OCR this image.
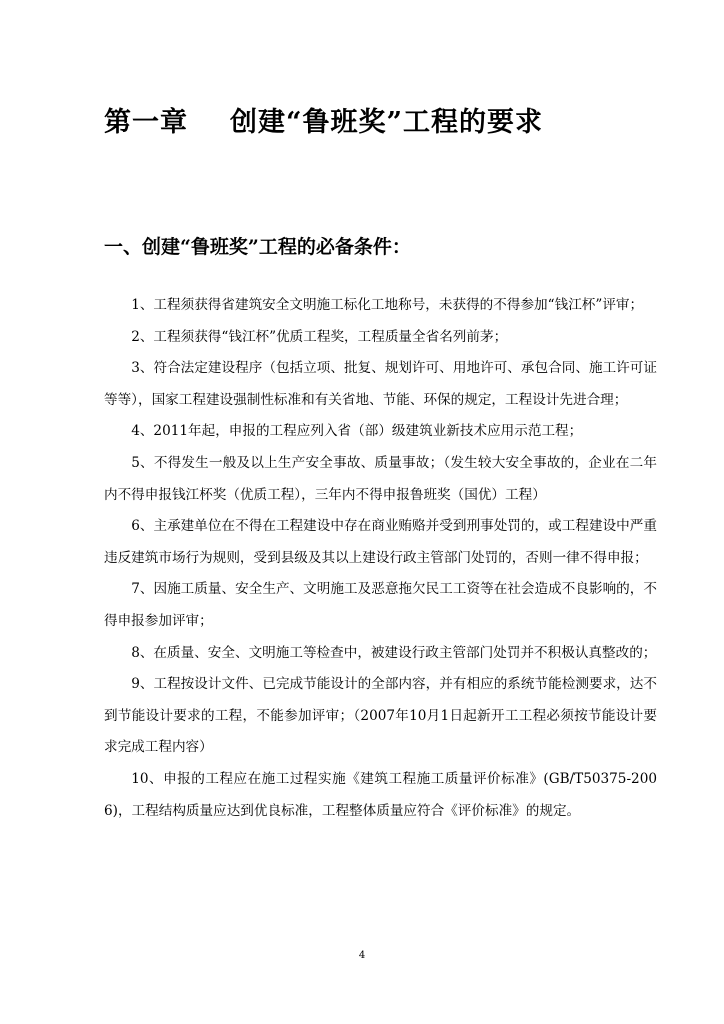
第一章 创建“鲁班奖”工程的要求
一、创建“鲁班奖”工程的必备条件：

1、工程须获得省建筑安全文明施工标化工地称号，未获得的不得参加“钱江杯”评审；

2、工程须获得“钱江杯”优质工程奖，工程质量全省名列前茅；

3、符合法定建设程序（包括立项、批复、规划许可、用地许可、承包合同、施工许可证等等），国家工程建设强制性标准和有关省地、节能、环保的规定，工程设计先进合理；

4、2011年起，申报的工程应列入省（部）级建筑业新技术应用示范工程；

5、不得发生一般及以上生产安全事故、质量事故；（发生较大安全事故的，企业在二年内不得申报钱江杯奖（优质工程），三年内不得申报鲁班奖（国优）工程）

6、主承建单位在不得在工程建设中存在商业贿赂并受到刑事处罚的，或工程建设中严重违反建筑市场行为规则，受到县级及其以上建设行政主管部门处罚的，否则一律不得申报；

7、因施工质量、安全生产、文明施工及恶意拖欠民工工资等在社会造成不良影响的，不得申报参加评审；

8、在质量、安全、文明施工等检查中，被建设行政主管部门处罚并不积极认真整改的；

9、工程按设计文件、已完成节能设计的全部内容，并有相应的系统节能检测要求，达不到节能设计要求的工程，不能参加评审；（2007年10月1日起新开工工程必须按节能设计要求完成工程内容）

10、申报的工程应在施工过程实施《建筑工程施工质量评价标准》(GB/T50375-2006)，工程结构质量应达到优良标准，工程整体质量应符合《评价标准》的规定。

4
